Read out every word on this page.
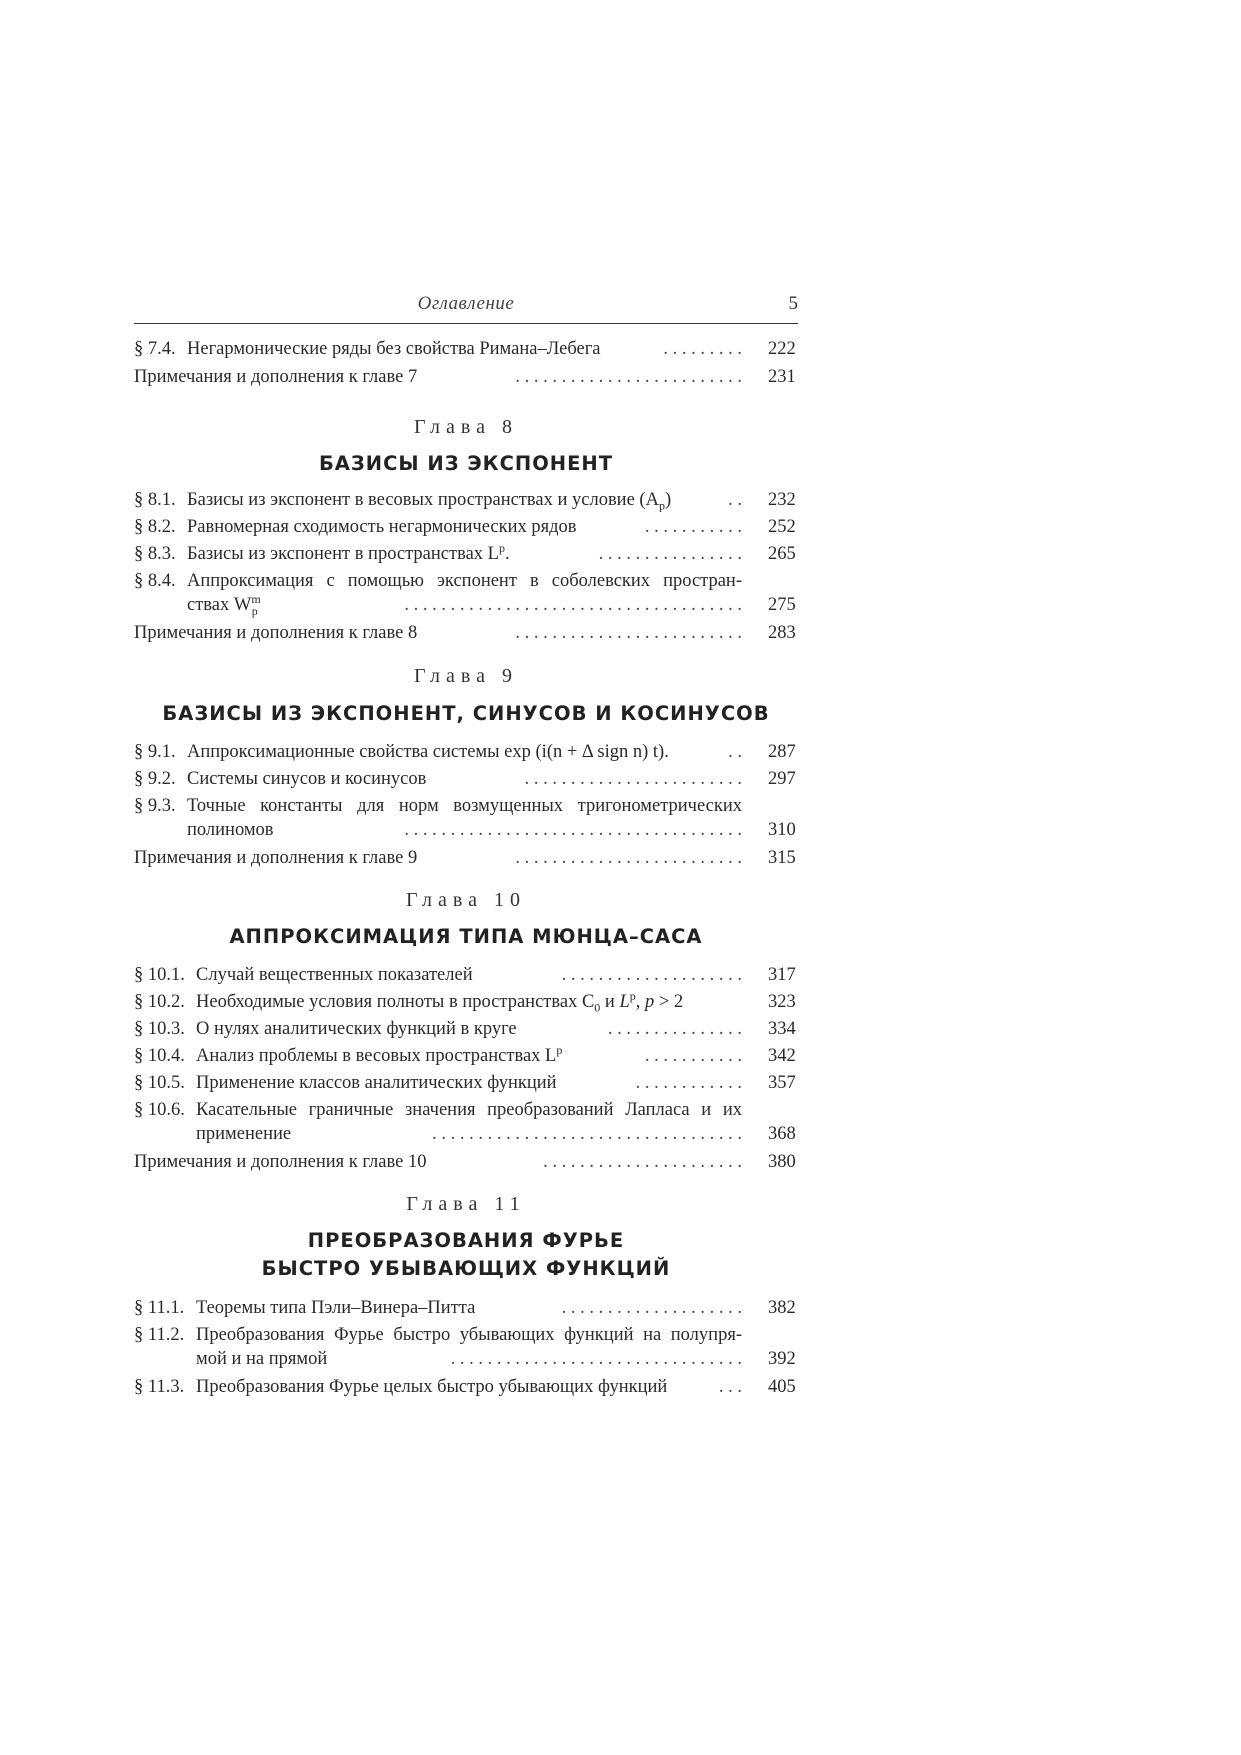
Оглавление	5
§ 7.4. Негармонические ряды без свойства Римана–Лебега	. . . . . . . . . 222
Примечания и дополнения к главе 7	. . . . . . . . . . . . . . . . . . . . . . . . . 231
Глава 8
БАЗИСЫ ИЗ ЭКСПОНЕНТ
§ 8.1. Базисы из экспонент в весовых пространствах и условие $(A_p)$	. . 232
§ 8.2. Равномерная сходимость негармонических рядов	. . . . . . . . . . . 252
§ 8.3. Базисы из экспонент в пространствах $L^p$.	. . . . . . . . . . . . . . . . 265
§ 8.4. Аппроксимация с помощью экспонент в соболевских простран-
ствах $W^m_p$	. . . . . . . . . . . . . . . . . . . . . . . . . . . . . . . . . . . . . 275
Примечания и дополнения к главе 8	. . . . . . . . . . . . . . . . . . . . . . . . . 283
Глава 9
БАЗИСЫ ИЗ ЭКСПОНЕНТ, СИНУСОВ И КОСИНУСОВ
§ 9.1. Аппроксимационные свойства системы exp (i(n + Δ sign n) t).	. . 287
§ 9.2. Системы синусов и косинусов	. . . . . . . . . . . . . . . . . . . . . . . . 297
§ 9.3. Точные константы для норм возмущенных тригонометрических
полиномов	. . . . . . . . . . . . . . . . . . . . . . . . . . . . . . . . . . . . . 310
Примечания и дополнения к главе 9	. . . . . . . . . . . . . . . . . . . . . . . . . 315
Глава 10
АППРОКСИМАЦИЯ ТИПА МЮНЦА–САСА
§ 10.1. Случай вещественных показателей	. . . . . . . . . . . . . . . . . . . . 317
§ 10.2. Необходимые условия полноты в пространствах $C_0$ и $L^p$, p > 2	323
§ 10.3. О нулях аналитических функций в круге	. . . . . . . . . . . . . . . 334
§ 10.4. Анализ проблемы в весовых пространствах $L^p$	. . . . . . . . . . . 342
§ 10.5. Применение классов аналитических функций	. . . . . . . . . . . . 357
§ 10.6. Касательные граничные значения преобразований Лапласа и их
применение	. . . . . . . . . . . . . . . . . . . . . . . . . . . . . . . . . . 368
Примечания и дополнения к главе 10	. . . . . . . . . . . . . . . . . . . . . . 380
Глава 11
ПРЕОБРАЗОВАНИЯ ФУРЬЕ
БЫСТРО УБЫВАЮЩИХ ФУНКЦИЙ
§ 11.1. Теоремы типа Пэли–Винера–Питта	. . . . . . . . . . . . . . . . . . . . 382
§ 11.2. Преобразования Фурье быстро убывающих функций на полупря-
мой и на прямой	. . . . . . . . . . . . . . . . . . . . . . . . . . . . . . . . 392
§ 11.3. Преобразования Фурье целых быстро убывающих функций	. . . 405
